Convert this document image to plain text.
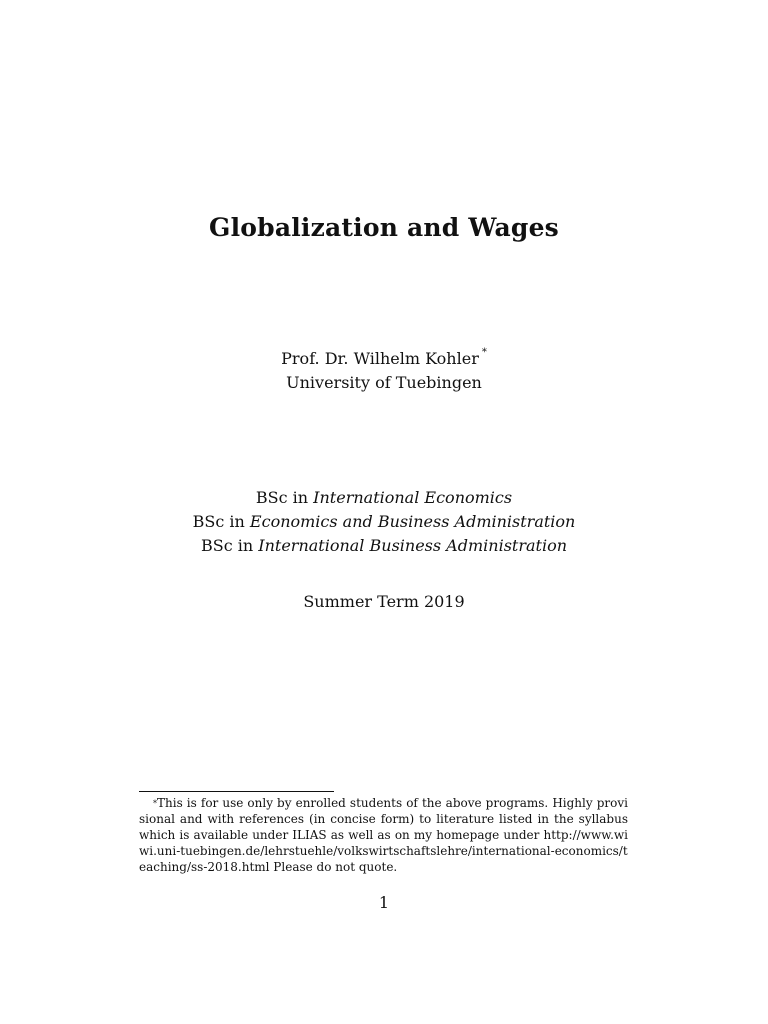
Globalization and Wages
Prof. Dr. Wilhelm Kohler *
University of Tuebingen
BSc in International Economics
BSc in Economics and Business Administration
BSc in International Business Administration
Summer Term 2019
*This is for use only by enrolled students of the above programs. Highly provisional and with references (in concise form) to literature listed in the syllabus which is available under ILIAS as well as on my homepage under http://www.wiwi.uni-tuebingen.de/lehrstuehle/volkswirtschaftslehre/international-economics/teaching/ss-2018.html Please do not quote.
1
